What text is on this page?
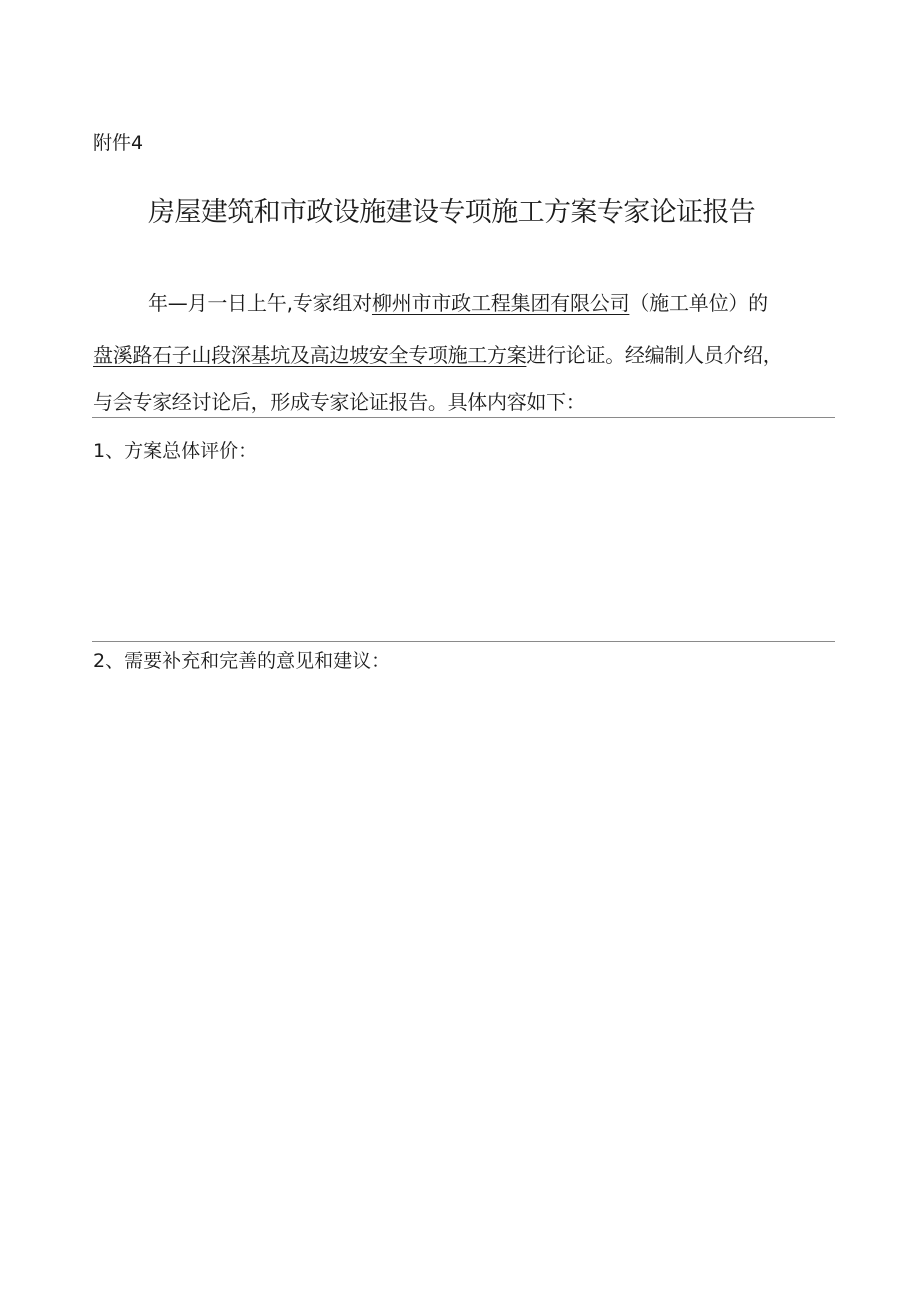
附件4
房屋建筑和市政设施建设专项施工方案专家论证报告
年—月一日上午,专家组对柳州市市政工程集团有限公司（施工单位）的
盘溪路石子山段深基坑及高边坡安全专项施工方案进行论证。经编制人员介绍，
与会专家经讨论后，形成专家论证报告。具体内容如下：
1、方案总体评价：
2、需要补充和完善的意见和建议：
